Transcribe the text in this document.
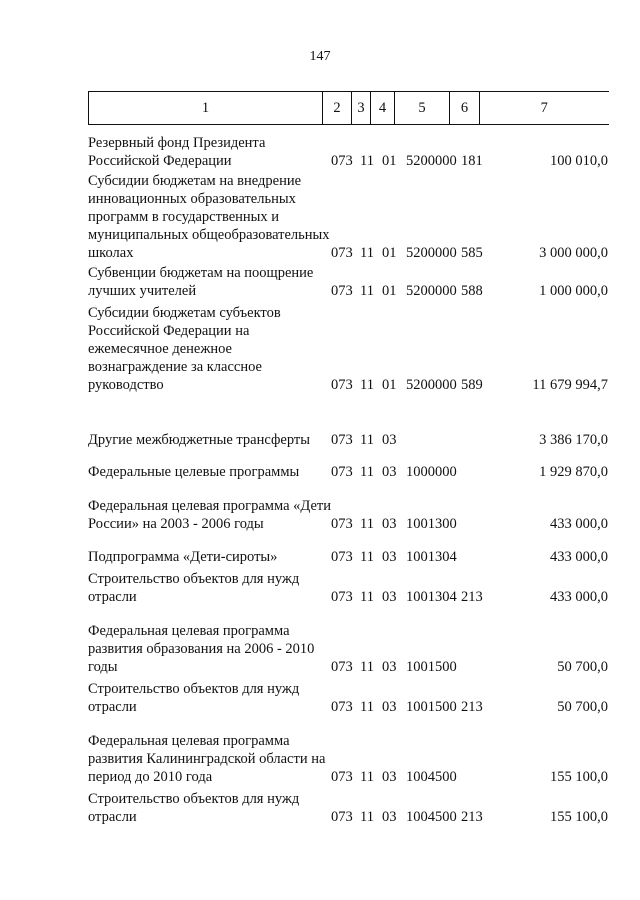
147
1	2	3	4	5	6	7
Резервный фонд Президента Российской Федерации	073 11 01 5200000 181	100 010,0
Субсидии бюджетам на внедрение инновационных образовательных программ в государственных и муниципальных общеобразовательных школах	073 11 01 5200000 585	3 000 000,0
Субвенции бюджетам на поощрение лучших учителей	073 11 01 5200000 588	1 000 000,0
Субсидии бюджетам субъектов Российской Федерации на ежемесячное денежное вознаграждение за классное руководство	073 11 01 5200000 589	11 679 994,7
Другие межбюджетные трансферты	073 11 03	3 386 170,0
Федеральные целевые программы	073 11 03 1000000	1 929 870,0
Федеральная целевая программа «Дети России» на 2003 - 2006 годы	073 11 03 1001300	433 000,0
Подпрограмма «Дети-сироты»	073 11 03 1001304	433 000,0
Строительство объектов для нужд отрасли	073 11 03 1001304 213	433 000,0
Федеральная целевая программа развития образования на 2006 - 2010 годы	073 11 03 1001500	50 700,0
Строительство объектов для нужд отрасли	073 11 03 1001500 213	50 700,0
Федеральная целевая программа развития Калининградской области на период до 2010 года	073 11 03 1004500	155 100,0
Строительство объектов для нужд отрасли	073 11 03 1004500 213	155 100,0
